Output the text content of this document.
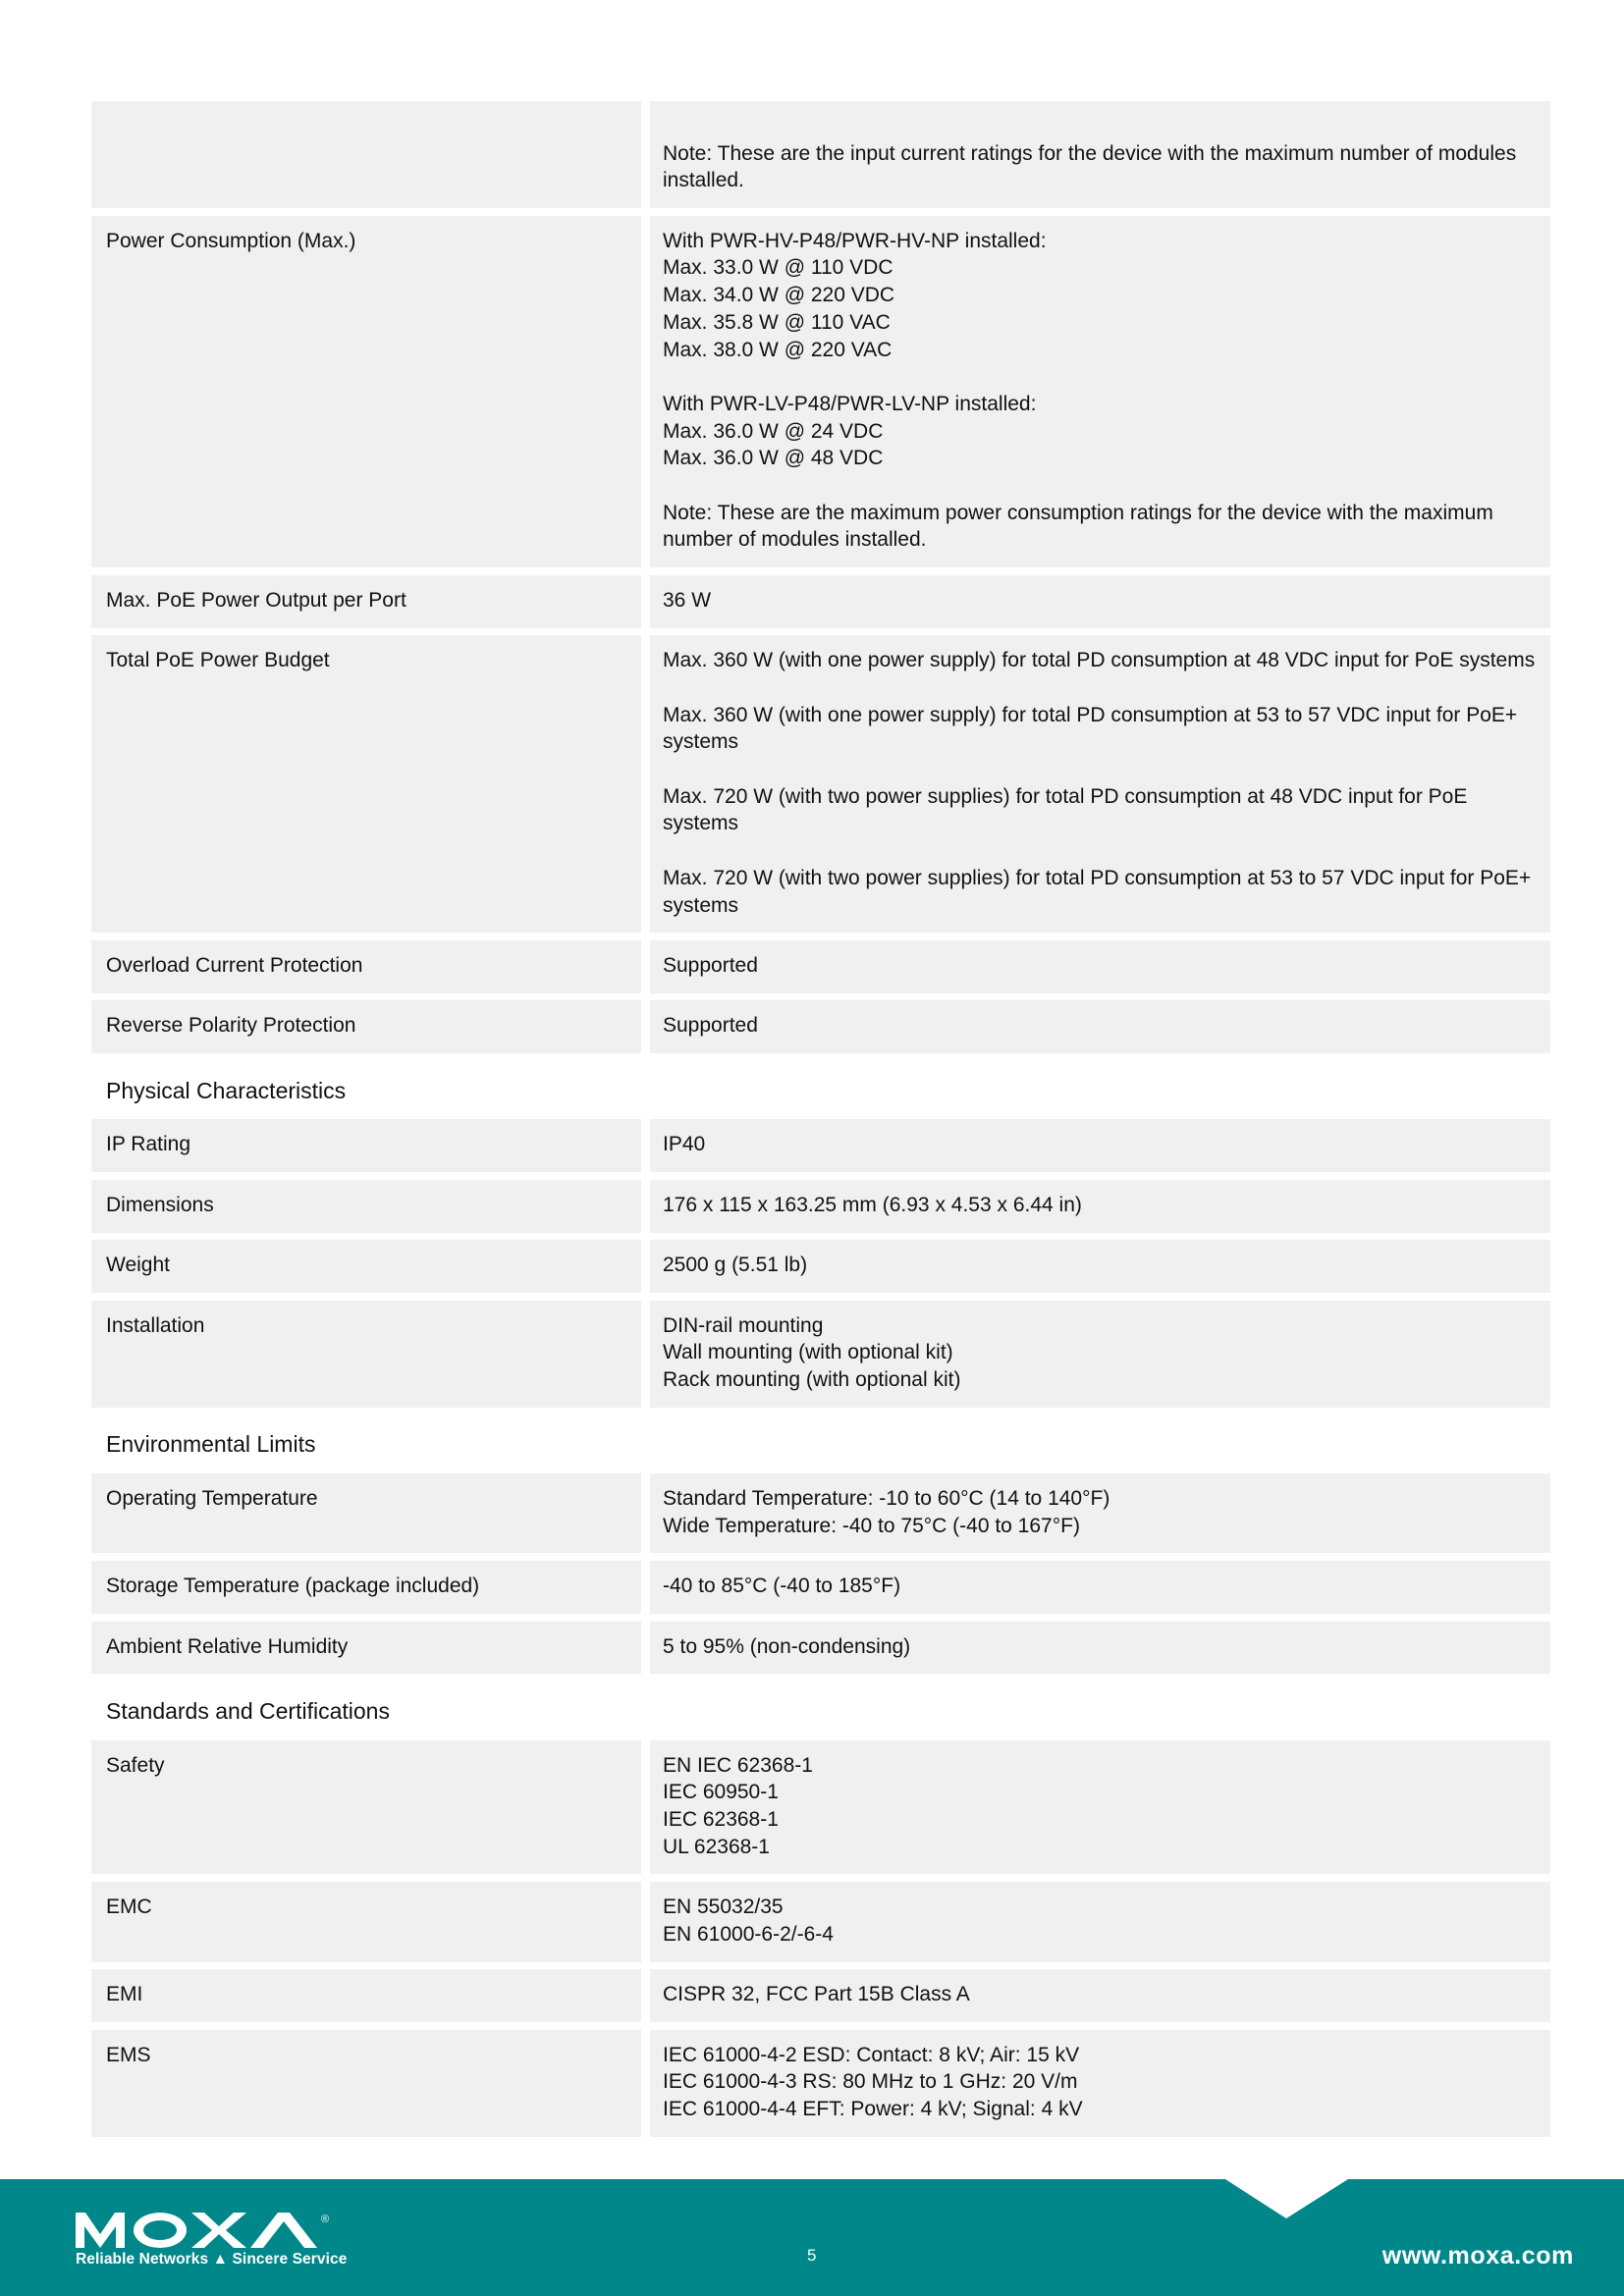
Note: These are the input current ratings for the device with the maximum number of modules installed.
Power Consumption (Max.)	With PWR-HV-P48/PWR-HV-NP installed:
Max. 33.0 W @ 110 VDC
Max. 34.0 W @ 220 VDC
Max. 35.8 W @ 110 VAC
Max. 38.0 W @ 220 VAC
With PWR-LV-P48/PWR-LV-NP installed:
Max. 36.0 W @ 24 VDC
Max. 36.0 W @ 48 VDC
Note: These are the maximum power consumption ratings for the device with the maximum number of modules installed.
Max. PoE Power Output per Port	36 W
Total PoE Power Budget	Max. 360 W (with one power supply) for total PD consumption at 48 VDC input for PoE systems
Max. 360 W (with one power supply) for total PD consumption at 53 to 57 VDC input for PoE+ systems
Max. 720 W (with two power supplies) for total PD consumption at 48 VDC input for PoE systems
Max. 720 W (with two power supplies) for total PD consumption at 53 to 57 VDC input for PoE+ systems
Overload Current Protection	Supported
Reverse Polarity Protection	Supported
Physical Characteristics
IP Rating	IP40
Dimensions	176 x 115 x 163.25 mm (6.93 x 4.53 x 6.44 in)
Weight	2500 g (5.51 lb)
Installation	DIN-rail mounting
Wall mounting (with optional kit)
Rack mounting (with optional kit)
Environmental Limits
Operating Temperature	Standard Temperature: -10 to 60°C (14 to 140°F)
Wide Temperature: -40 to 75°C (-40 to 167°F)
Storage Temperature (package included)	-40 to 85°C (-40 to 185°F)
Ambient Relative Humidity	5 to 95% (non-condensing)
Standards and Certifications
Safety	EN IEC 62368-1
IEC 60950-1
IEC 62368-1
UL 62368-1
EMC	EN 55032/35
EN 61000-6-2/-6-4
EMI	CISPR 32, FCC Part 15B Class A
EMS	IEC 61000-4-2 ESD: Contact: 8 kV; Air: 15 kV
IEC 61000-4-3 RS: 80 MHz to 1 GHz: 20 V/m
IEC 61000-4-4 EFT: Power: 4 kV; Signal: 4 kV
®
Reliable Networks ▲ Sincere Service	5	www.moxa.com
